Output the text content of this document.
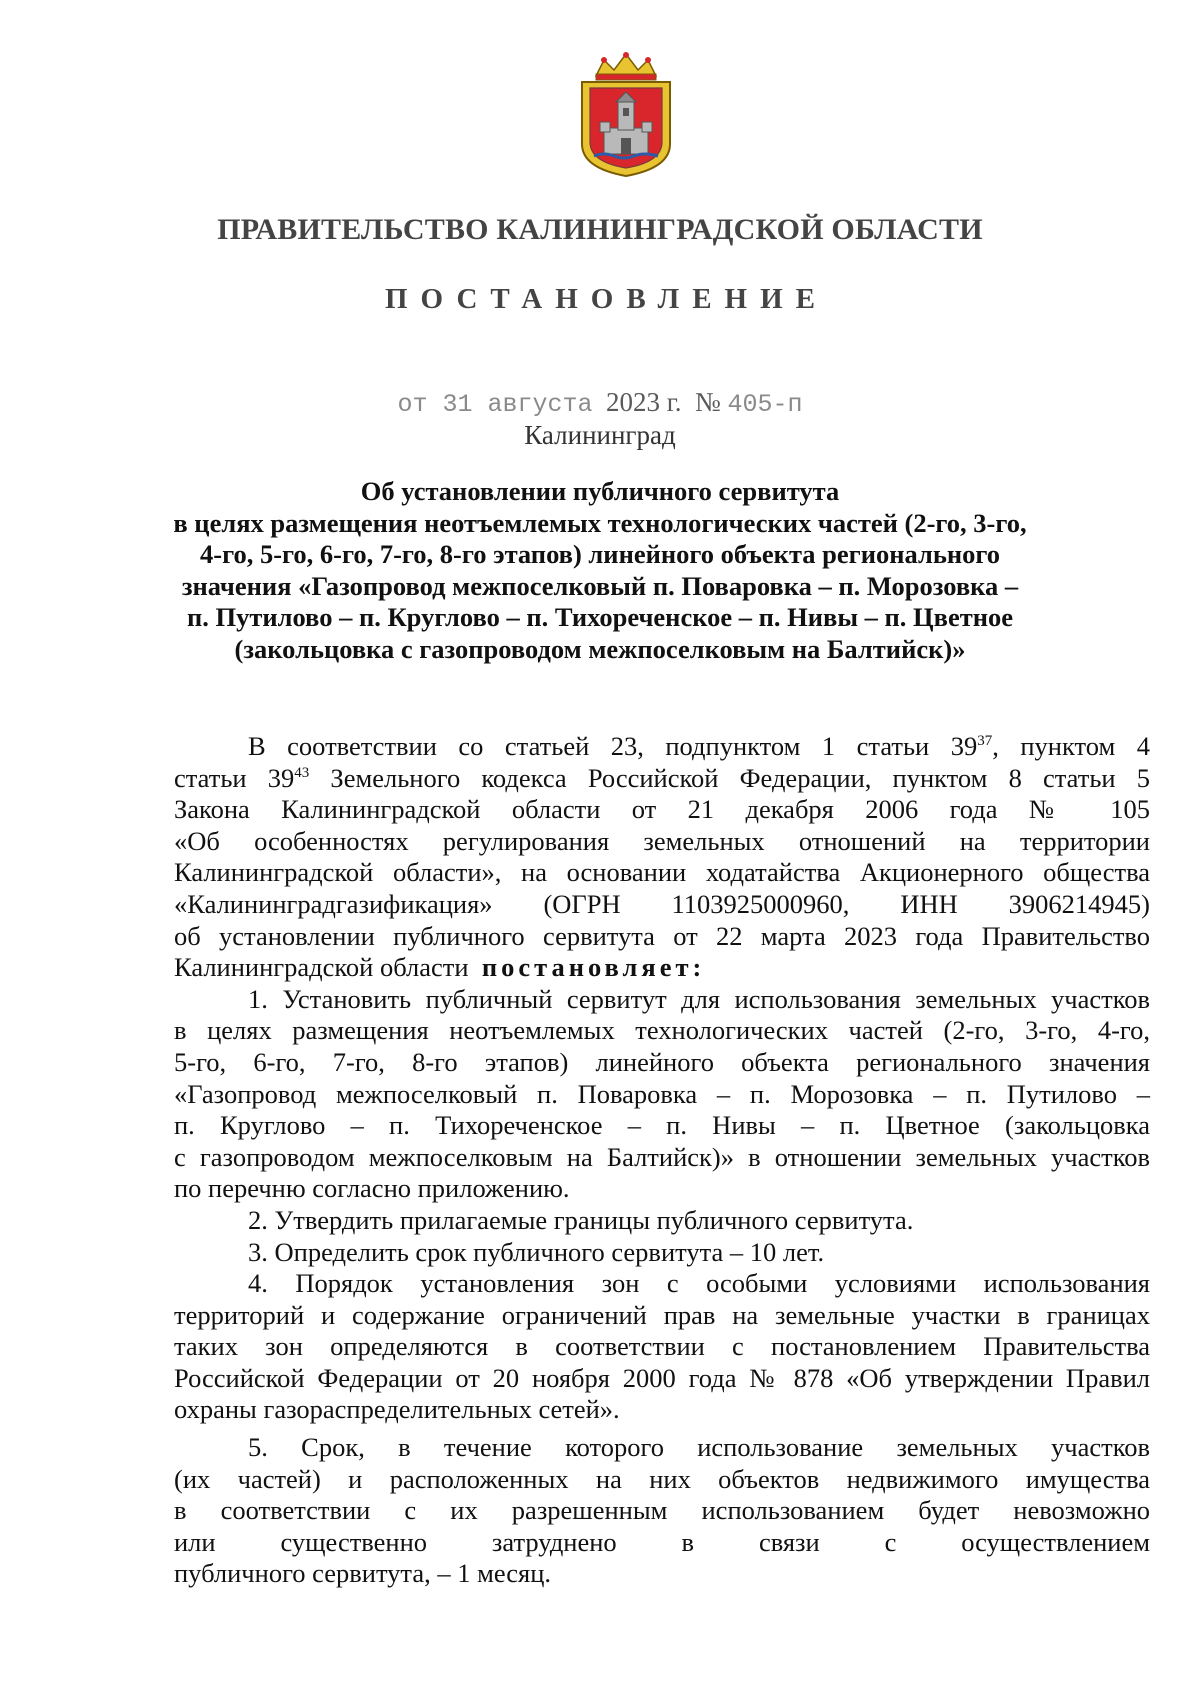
ПРАВИТЕЛЬСТВО КАЛИНИНГРАДСКОЙ ОБЛАСТИ
ПОСТАНОВЛЕНИЕ
от 31 августа 2023 г. № 405-п
Калининград
Об установлении публичного сервитута
в целях размещения неотъемлемых технологических частей (2-го, 3-го,
4-го, 5-го, 6-го, 7-го, 8-го этапов) линейного объекта регионального
значения «Газопровод межпоселковый п. Поваровка – п. Морозовка –
п. Путилово – п. Круглово – п. Тихореченское – п. Нивы – п. Цветное
(закольцовка с газопроводом межпоселковым на Балтийск)»
В соответствии со статьей 23, подпунктом 1 статьи $39^{37}$, пунктом 4
статьи $39^{43}$ Земельного кодекса Российской Федерации, пунктом 8 статьи 5
Закона Калининградской области от 21 декабря 2006 года № 105
«Об особенностях регулирования земельных отношений на территории
Калининградской области», на основании ходатайства Акционерного общества
«Калининградгазификация» (ОГРН 1103925000960, ИНН 3906214945)
об установлении публичного сервитута от 22 марта 2023 года Правительство
Калининградской области постановляет:
1. Установить публичный сервитут для использования земельных участков
в целях размещения неотъемлемых технологических частей (2-го, 3-го, 4-го,
5-го, 6-го, 7-го, 8-го этапов) линейного объекта регионального значения
«Газопровод межпоселковый п. Поваровка – п. Морозовка – п. Путилово –
п. Круглово – п. Тихореченское – п. Нивы – п. Цветное (закольцовка
с газопроводом межпоселковым на Балтийск)» в отношении земельных участков
по перечню согласно приложению.
2. Утвердить прилагаемые границы публичного сервитута.
3. Определить срок публичного сервитута – 10 лет.
4. Порядок установления зон с особыми условиями использования
территорий и содержание ограничений прав на земельные участки в границах
таких зон определяются в соответствии с постановлением Правительства
Российской Федерации от 20 ноября 2000 года № 878 «Об утверждении Правил
охраны газораспределительных сетей».
5. Срок, в течение которого использование земельных участков
(их частей) и расположенных на них объектов недвижимого имущества
в соответствии с их разрешенным использованием будет невозможно
или существенно затруднено в связи с осуществлением
публичного сервитута, – 1 месяц.
